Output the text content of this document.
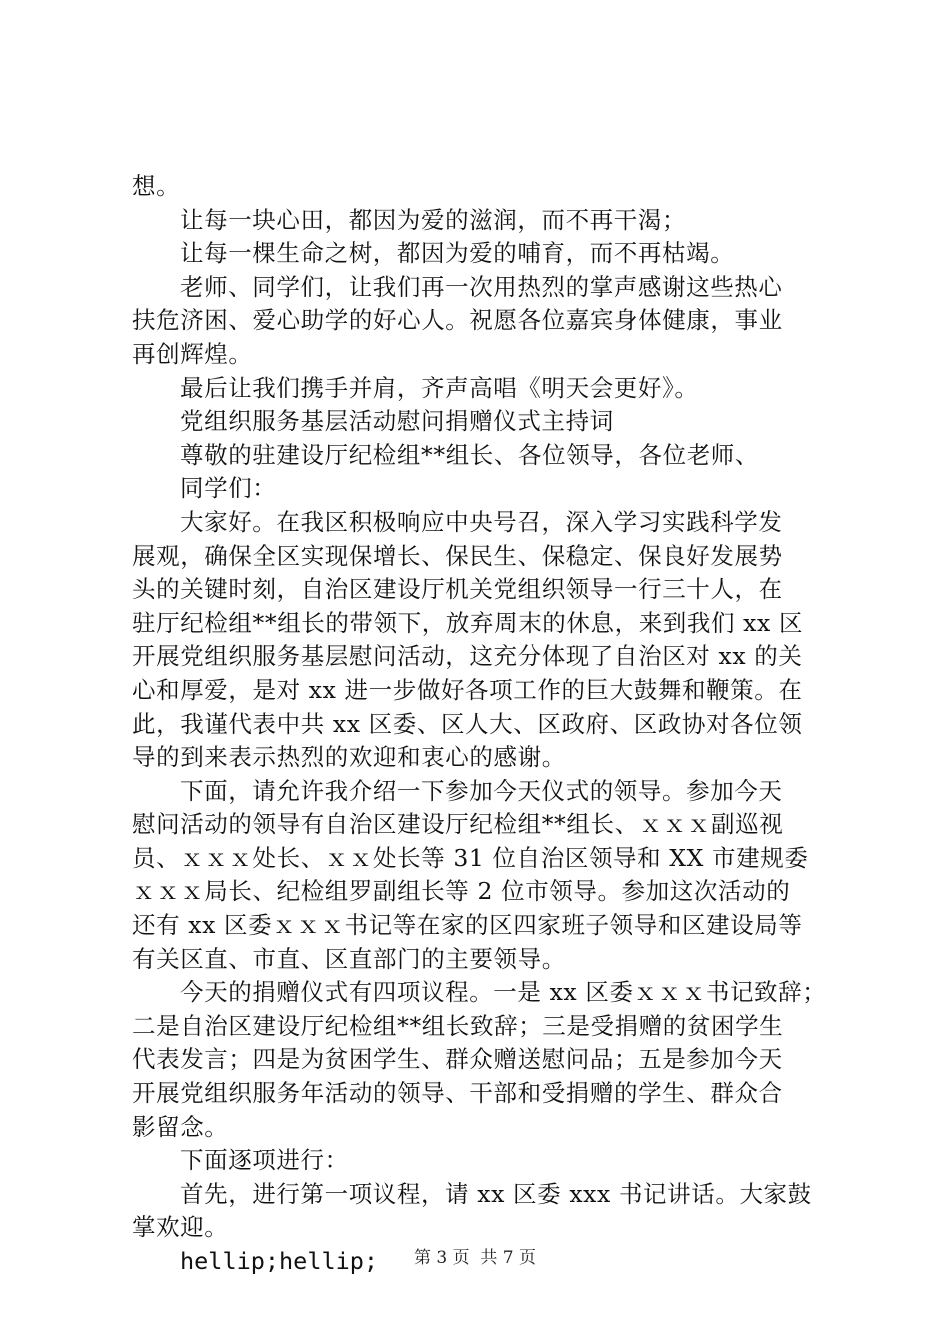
想。
让每一块心田，都因为爱的滋润，而不再干渴；
让每一棵生命之树，都因为爱的哺育，而不再枯竭。
老师、同学们，让我们再一次用热烈的掌声感谢这些热心
扶危济困、爱心助学的好心人。祝愿各位嘉宾身体健康，事业
再创辉煌。
最后让我们携手并肩，齐声高唱《明天会更好》。
党组织服务基层活动慰问捐赠仪式主持词
尊敬的驻建设厅纪检组**组长、各位领导，各位老师、
同学们：
大家好。在我区积极响应中央号召，深入学习实践科学发
展观，确保全区实现保增长、保民生、保稳定、保良好发展势
头的关键时刻，自治区建设厅机关党组织领导一行三十人，在
驻厅纪检组**组长的带领下，放弃周末的休息，来到我们 xx 区
开展党组织服务基层慰问活动，这充分体现了自治区对 xx 的关
心和厚爱，是对 xx 进一步做好各项工作的巨大鼓舞和鞭策。在
此，我谨代表中共 xx 区委、区人大、区政府、区政协对各位领
导的到来表示热烈的欢迎和衷心的感谢。
下面，请允许我介绍一下参加今天仪式的领导。参加今天
慰问活动的领导有自治区建设厅纪检组**组长、ｘｘｘ副巡视
员、ｘｘｘ处长、ｘｘ处长等 31 位自治区领导和 XX 市建规委
ｘｘｘ局长、纪检组罗副组长等 2 位市领导。参加这次活动的
还有 xx 区委ｘｘｘ书记等在家的区四家班子领导和区建设局等
有关区直、市直、区直部门的主要领导。
今天的捐赠仪式有四项议程。一是 xx 区委ｘｘｘ书记致辞；
二是自治区建设厅纪检组**组长致辞；三是受捐赠的贫困学生
代表发言；四是为贫困学生、群众赠送慰问品；五是参加今天
开展党组织服务年活动的领导、干部和受捐赠的学生、群众合
影留念。
下面逐项进行：
首先，进行第一项议程，请 xx 区委 xxx 书记讲话。大家鼓
掌欢迎。
hellip;hellip;	第 3 页  共 7 页
